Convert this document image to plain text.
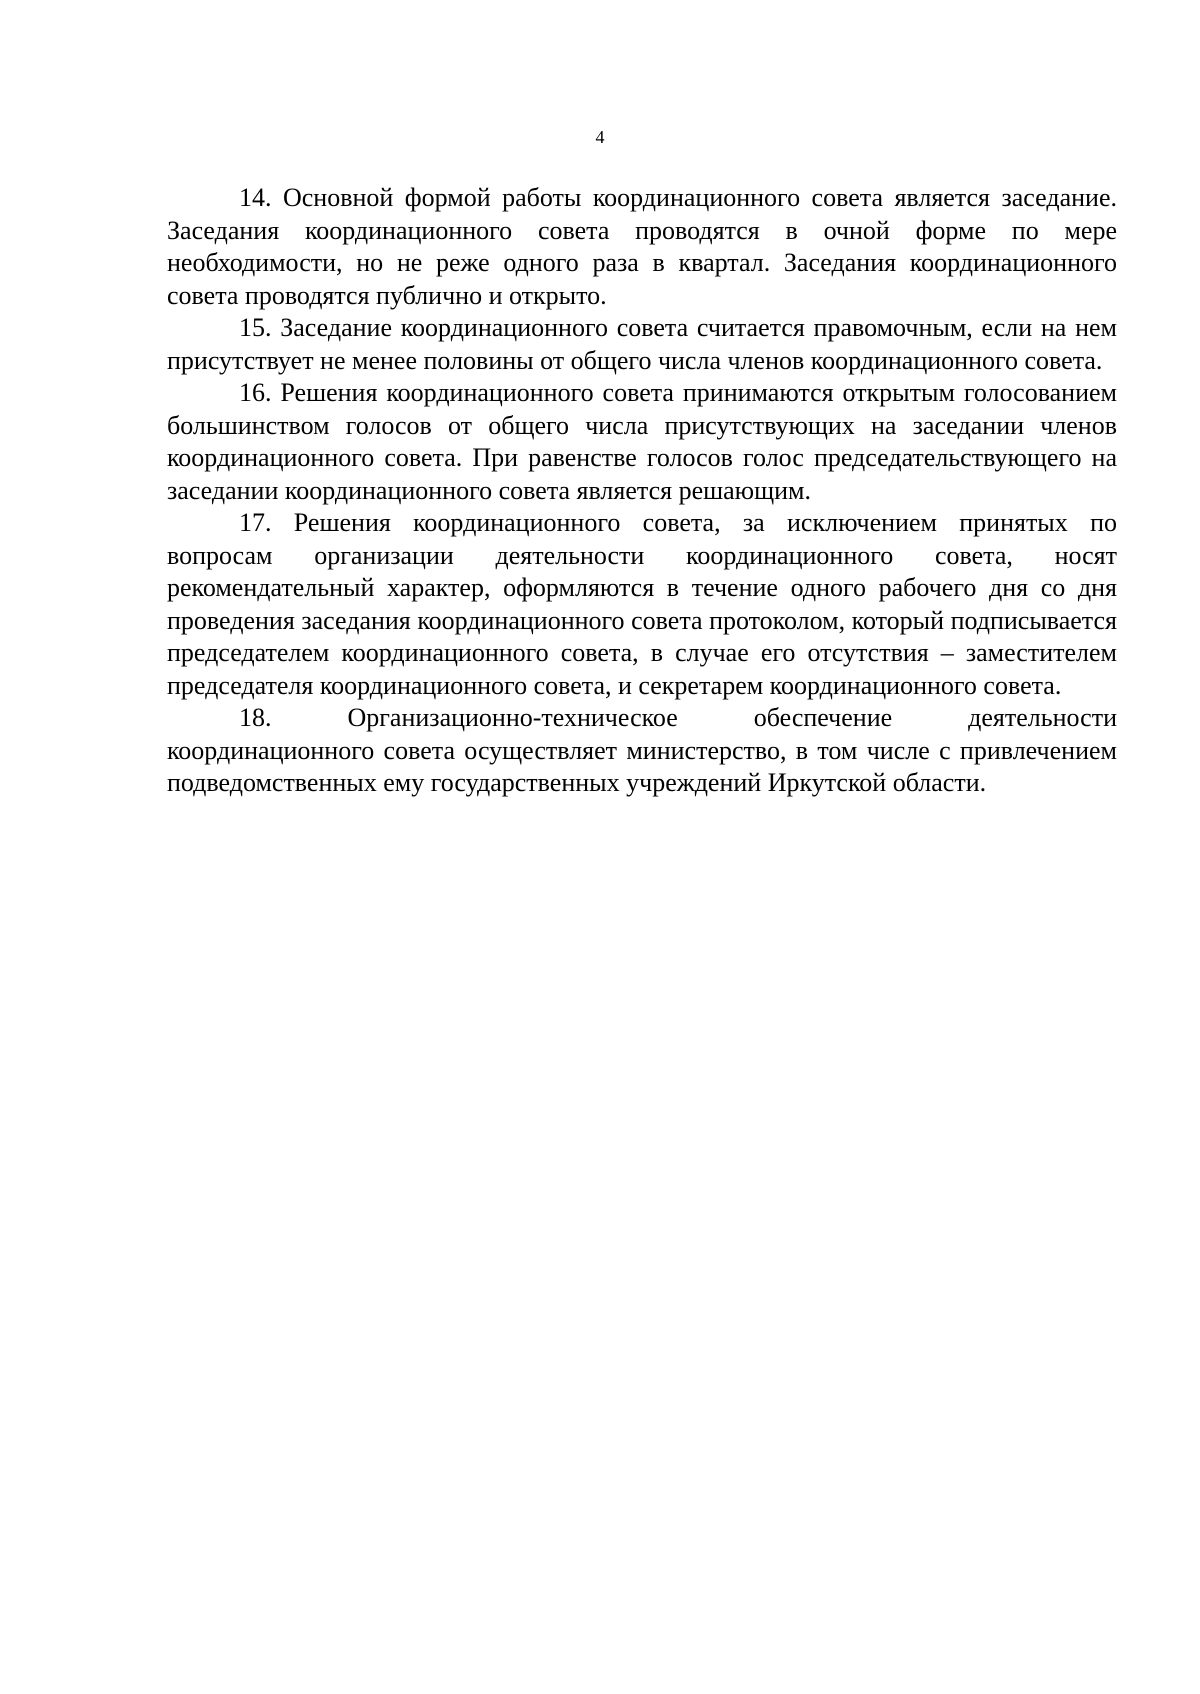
4

14. Основной формой работы координационного совета является заседание. Заседания координационного совета проводятся в очной форме по мере необходимости, но не реже одного раза в квартал. Заседания координационного совета проводятся публично и открыто.

15. Заседание координационного совета считается правомочным, если на нем присутствует не менее половины от общего числа членов координационного совета.

16. Решения координационного совета принимаются открытым голосованием большинством голосов от общего числа присутствующих на заседании членов координационного совета. При равенстве голосов голос председательствующего на заседании координационного совета является решающим.

17. Решения координационного совета, за исключением принятых по вопросам организации деятельности координационного совета, носят рекомендательный характер, оформляются в течение одного рабочего дня со дня проведения заседания координационного совета протоколом, который подписывается председателем координационного совета, в случае его отсутствия – заместителем председателя координационного совета, и секретарем координационного совета.

18. Организационно-техническое обеспечение деятельности координационного совета осуществляет министерство, в том числе с привлечением подведомственных ему государственных учреждений Иркутской области.
